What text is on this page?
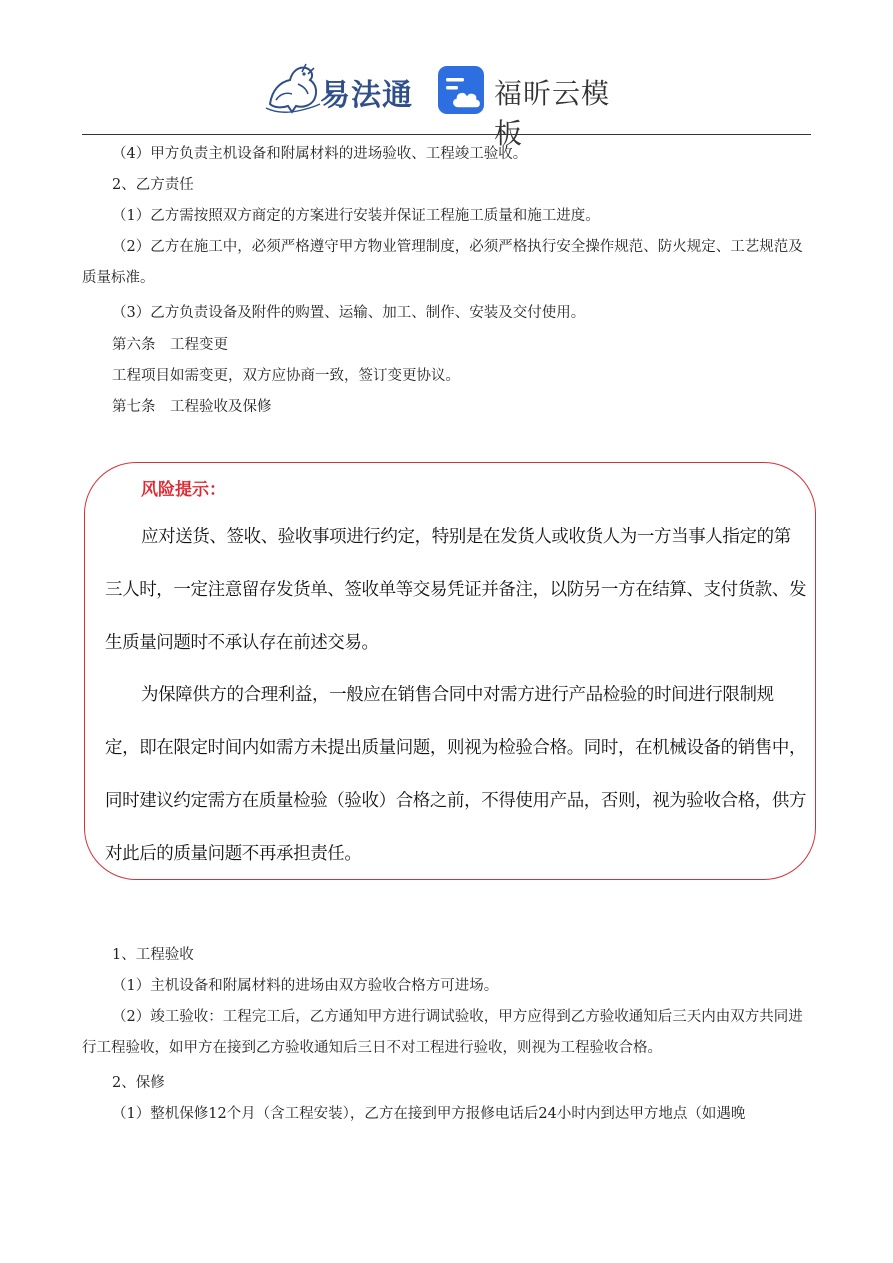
易法通	福昕云模板
（4）甲方负责主机设备和附属材料的进场验收、工程竣工验收。
2、乙方责任
（1）乙方需按照双方商定的方案进行安装并保证工程施工质量和施工进度。
（2）乙方在施工中，必须严格遵守甲方物业管理制度，必须严格执行安全操作规范、防火规定、工艺规范及质量标准。
（3）乙方负责设备及附件的购置、运输、加工、制作、安装及交付使用。
第六条　工程变更
工程项目如需变更，双方应协商一致，签订变更协议。
第七条　工程验收及保修
风险提示：
应对送货、签收、验收事项进行约定，特别是在发货人或收货人为一方当事人指定的第三人时，一定注意留存发货单、签收单等交易凭证并备注，以防另一方在结算、支付货款、发生质量问题时不承认存在前述交易。
为保障供方的合理利益，一般应在销售合同中对需方进行产品检验的时间进行限制规定，即在限定时间内如需方未提出质量问题，则视为检验合格。同时，在机械设备的销售中，同时建议约定需方在质量检验（验收）合格之前，不得使用产品，否则，视为验收合格，供方对此后的质量问题不再承担责任。
1、工程验收
（1）主机设备和附属材料的进场由双方验收合格方可进场。
（2）竣工验收：工程完工后，乙方通知甲方进行调试验收，甲方应得到乙方验收通知后三天内由双方共同进行工程验收，如甲方在接到乙方验收通知后三日不对工程进行验收，则视为工程验收合格。
2、保修
（1）整机保修12个月（含工程安装），乙方在接到甲方报修电话后24小时内到达甲方地点（如遇晚
